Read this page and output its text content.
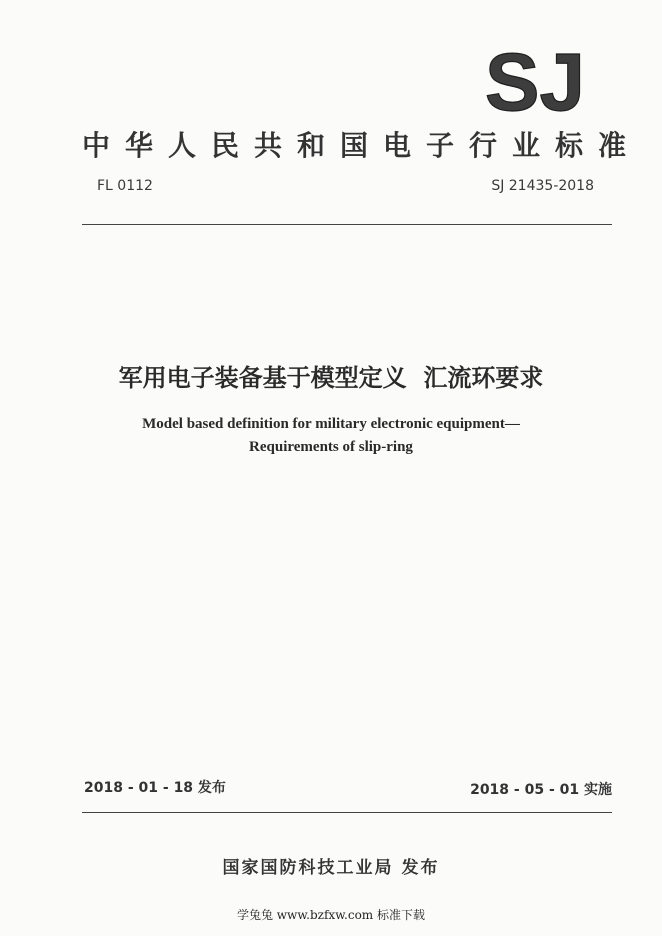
SJ
中华人民共和国电子行业标准
FL 0112	SJ 21435-2018
军用电子装备基于模型定义  汇流环要求
Model based definition for military electronic equipment—
Requirements of slip-ring
2018 - 01 - 18 发布	2018 - 05 - 01 实施
国家国防科技工业局 发布
学兔兔 www.bzfxw.com 标准下载
